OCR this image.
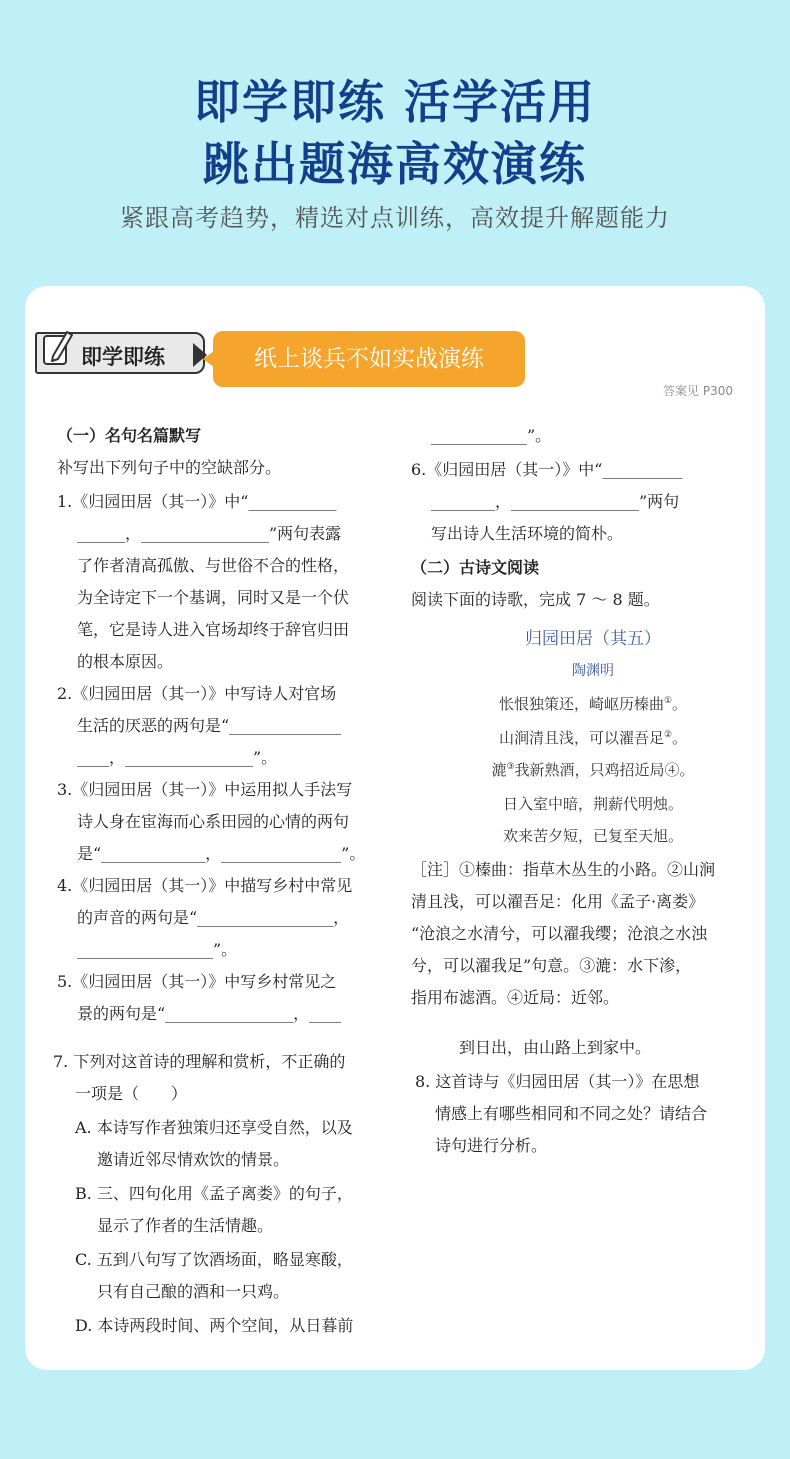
即学即练 活学活用
跳出题海高效演练
紧跟高考趋势，精选对点训练，高效提升解题能力
即学即练	纸上谈兵不如实战演练
答案见 P300
（一）名句名篇默写
补写出下列句子中的空缺部分。
1.《归园田居（其一）》中“___________
______，________________”两句表露
了作者清高孤傲、与世俗不合的性格，
为全诗定下一个基调，同时又是一个伏
笔，它是诗人进入官场却终于辞官归田
的根本原因。
2.《归园田居（其一）》中写诗人对官场
生活的厌恶的两句是“______________
____，________________”。
3.《归园田居（其一）》中运用拟人手法写
诗人身在宦海而心系田园的心情的两句
是“_____________，_______________”。
4.《归园田居（其一）》中描写乡村中常见
的声音的两句是“_________________，
_________________”。
5.《归园田居（其一）》中写乡村常见之
景的两句是“________________，____
7. 下列对这首诗的理解和赏析，不正确的
一项是（　　）
A. 本诗写作者独策归还享受自然，以及
邀请近邻尽情欢饮的情景。
B. 三、四句化用《孟子离娄》的句子，
显示了作者的生活情趣。
C. 五到八句写了饮酒场面，略显寒酸，
只有自己酿的酒和一只鸡。
D. 本诗两段时间、两个空间，从日暮前
____________”。
6.《归园田居（其一）》中“__________
________，________________”两句
写出诗人生活环境的简朴。
（二）古诗文阅读
阅读下面的诗歌，完成 7 ～ 8 题。
归园田居（其五）
陶渊明
怅恨独策还，崎岖历榛曲①。
山涧清且浅，可以濯吾足②。
漉③我新熟酒，只鸡招近局④。
日入室中暗，荆薪代明烛。
欢来苦夕短，已复至天旭。
［注］①榛曲：指草木丛生的小路。②山涧
清且浅，可以濯吾足：化用《孟子·离娄》
“沧浪之水清兮，可以濯我缨；沧浪之水浊
兮，可以濯我足”句意。③漉：水下渗，
指用布滤酒。④近局：近邻。
到日出，由山路上到家中。
8. 这首诗与《归园田居（其一）》在思想
情感上有哪些相同和不同之处？请结合
诗句进行分析。
